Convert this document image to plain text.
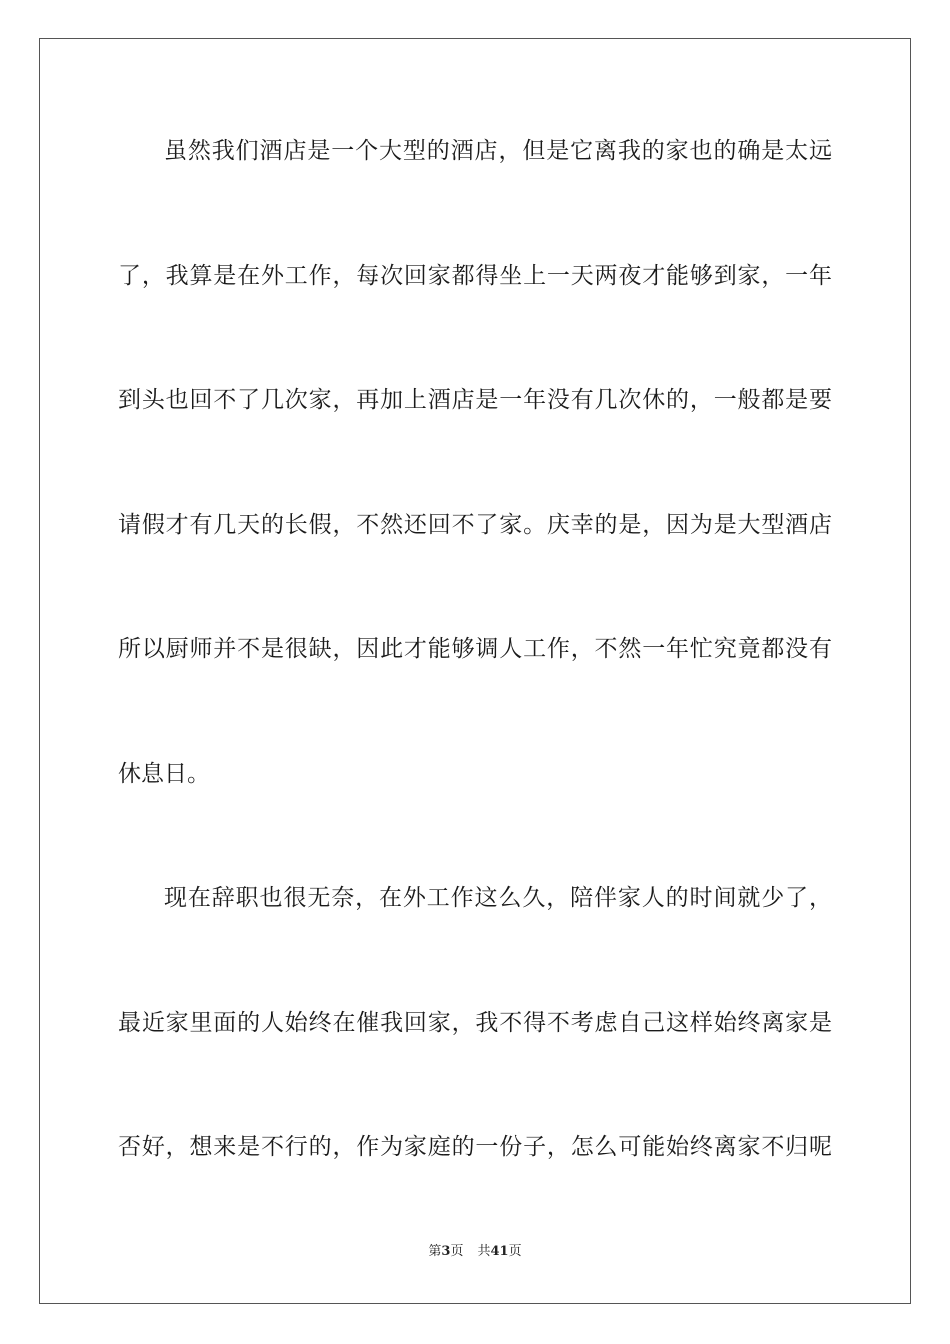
虽然我们酒店是一个大型的酒店，但是它离我的家也的确是太远
了，我算是在外工作，每次回家都得坐上一天两夜才能够到家，一年
到头也回不了几次家，再加上酒店是一年没有几次休的，一般都是要
请假才有几天的长假，不然还回不了家。庆幸的是，因为是大型酒店
所以厨师并不是很缺，因此才能够调人工作，不然一年忙究竟都没有
休息日。
现在辞职也很无奈，在外工作这么久，陪伴家人的时间就少了，
最近家里面的人始终在催我回家，我不得不考虑自己这样始终离家是
否好，想来是不行的，作为家庭的一份子，怎么可能始终离家不归呢
第3页 共41页
